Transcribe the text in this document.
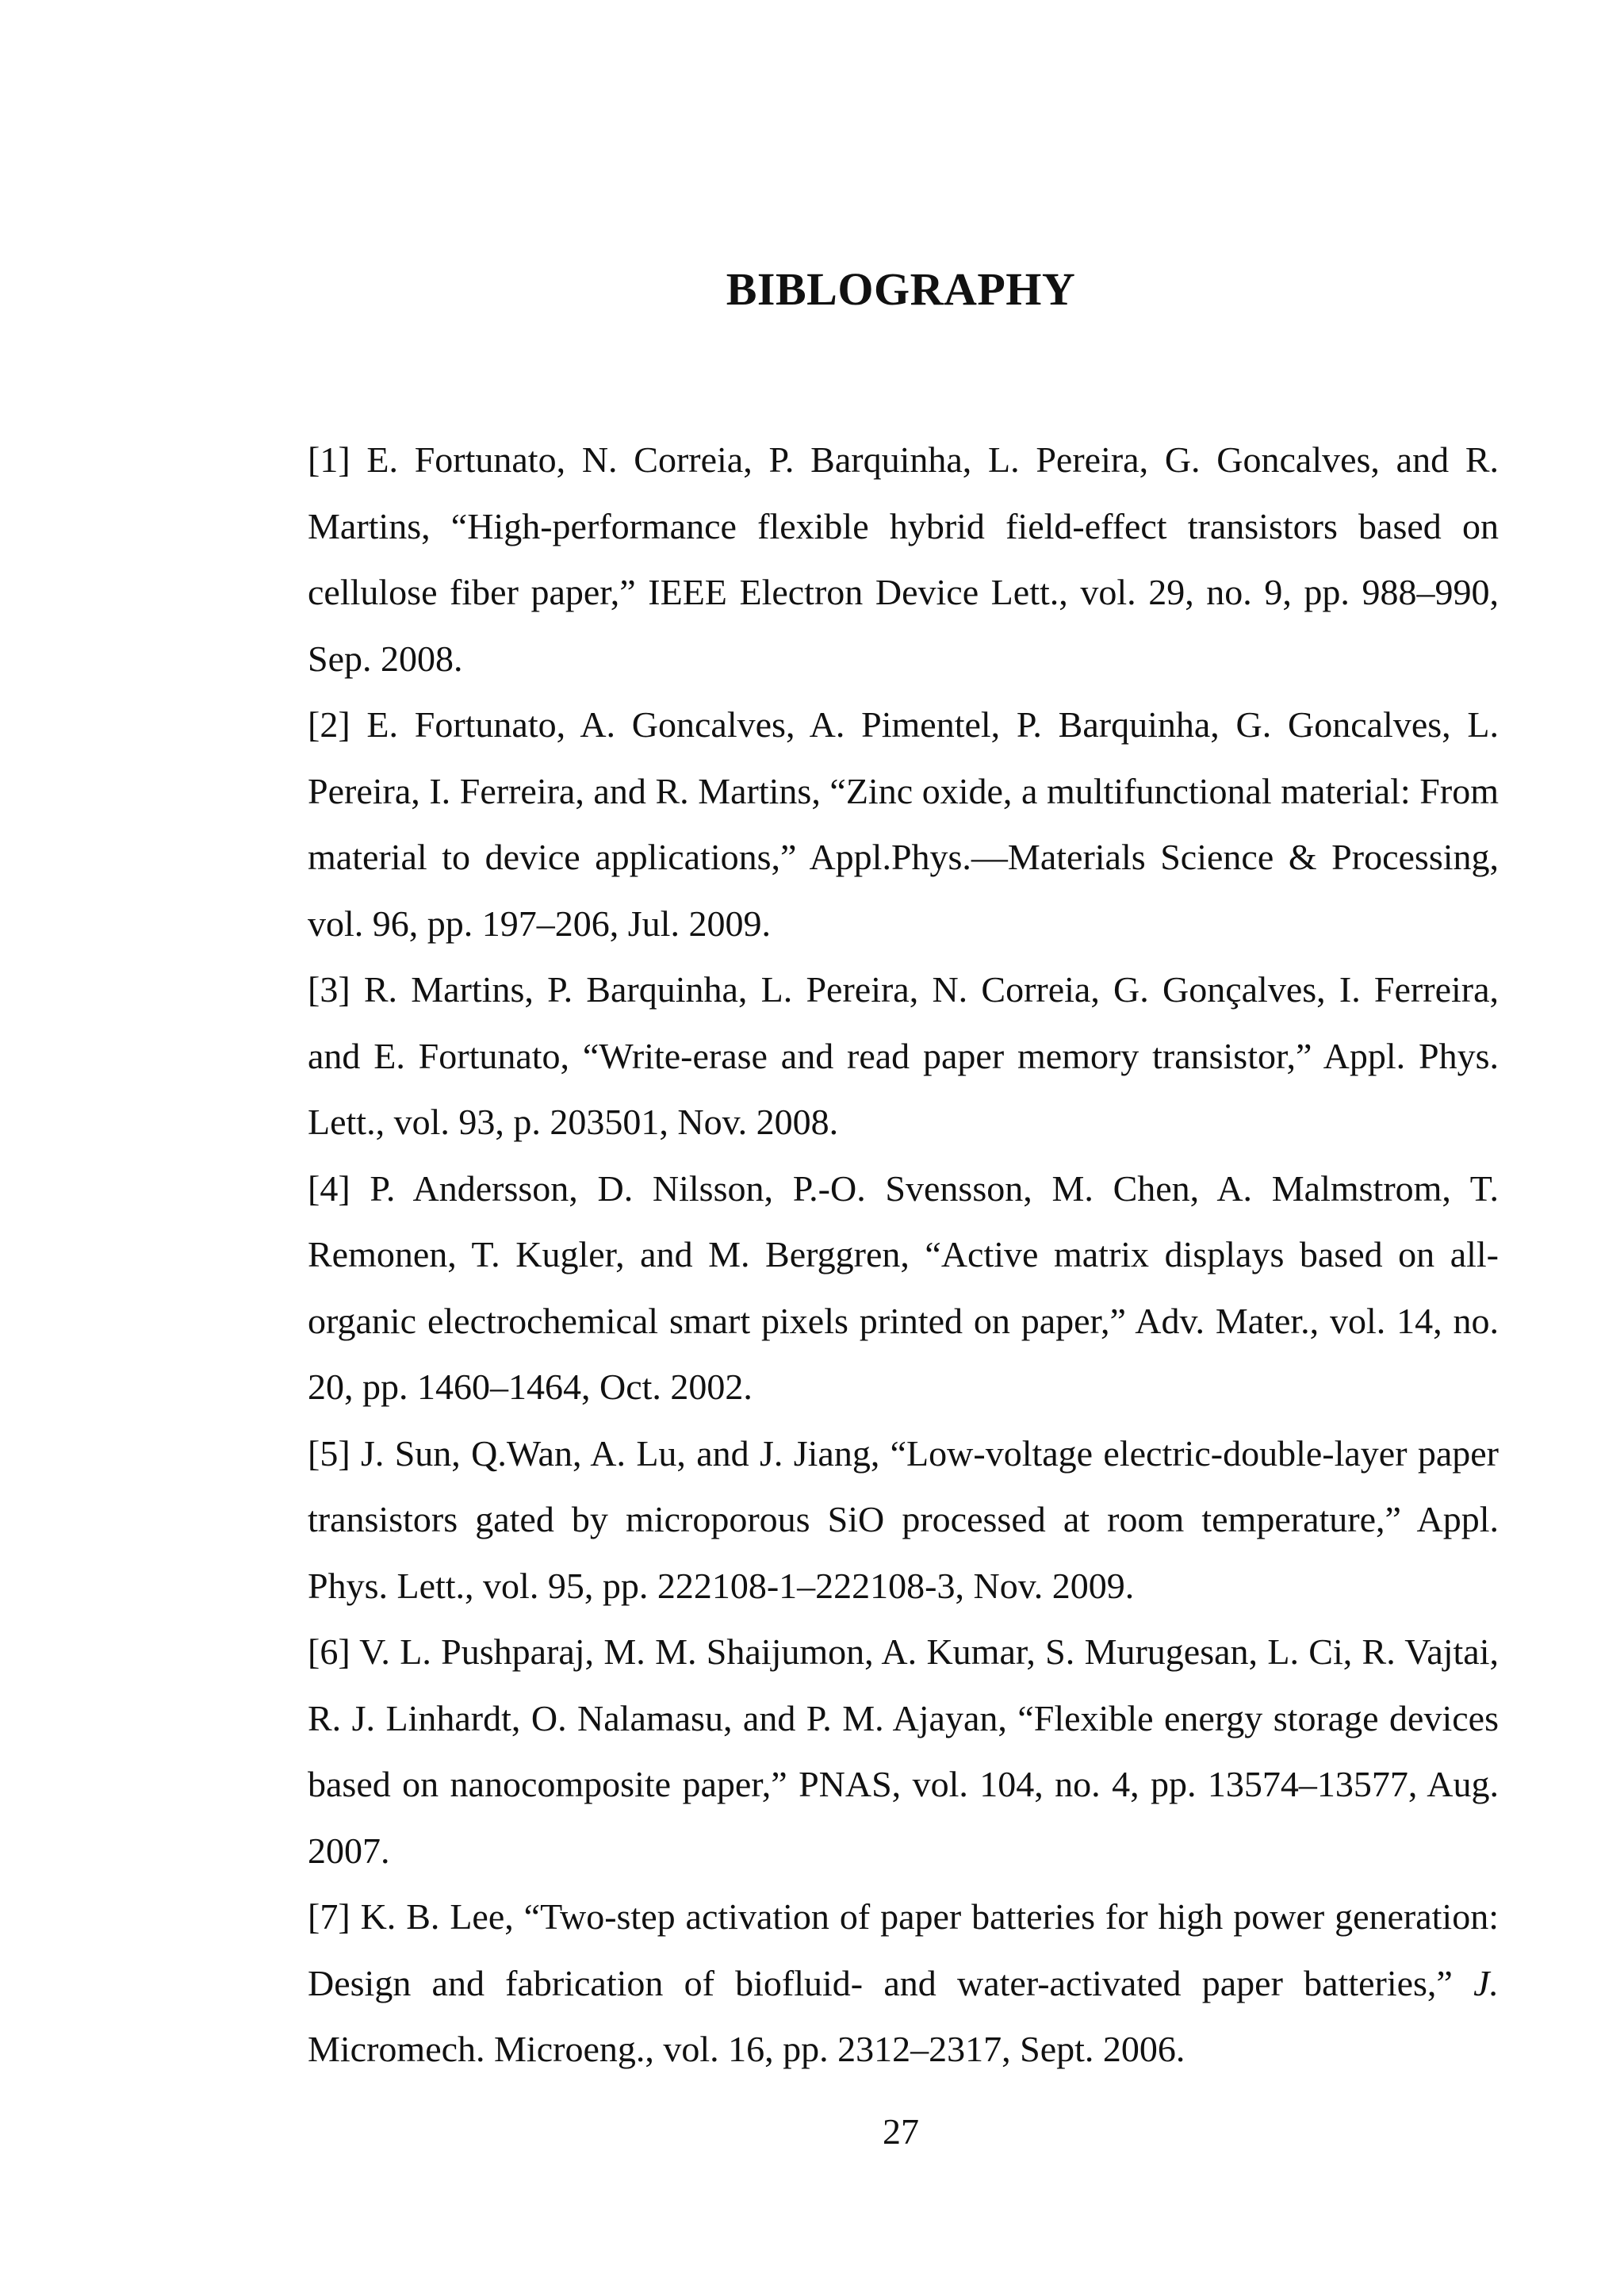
BIBLOGRAPHY

[1] E. Fortunato, N. Correia, P. Barquinha, L. Pereira, G. Goncalves, and R. Martins, “High-performance flexible hybrid field-effect transistors based on cellulose fiber paper,” IEEE Electron Device Lett., vol. 29, no. 9, pp. 988–990, Sep. 2008.

[2] E. Fortunato, A. Goncalves, A. Pimentel, P. Barquinha, G. Goncalves, L. Pereira, I. Ferreira, and R. Martins, “Zinc oxide, a multifunctional material: From material to device applications,” Appl.Phys.—Materials Science & Processing, vol. 96, pp. 197–206, Jul. 2009.

[3] R. Martins, P. Barquinha, L. Pereira, N. Correia, G. Gonçalves, I. Ferreira, and E. Fortunato, “Write-erase and read paper memory transistor,” Appl. Phys. Lett., vol. 93, p. 203501, Nov. 2008.

[4] P. Andersson, D. Nilsson, P.-O. Svensson, M. Chen, A. Malmstrom, T. Remonen, T. Kugler, and M. Berggren, “Active matrix displays based on all-organic electrochemical smart pixels printed on paper,” Adv. Mater., vol. 14, no. 20, pp. 1460–1464, Oct. 2002.

[5] J. Sun, Q.Wan, A. Lu, and J. Jiang, “Low-voltage electric-double-layer paper transistors gated by microporous SiO processed at room temperature,” Appl. Phys. Lett., vol. 95, pp. 222108-1–222108-3, Nov. 2009.

[6] V. L. Pushparaj, M. M. Shaijumon, A. Kumar, S. Murugesan, L. Ci, R. Vajtai, R. J. Linhardt, O. Nalamasu, and P. M. Ajayan, “Flexible energy storage devices based on nanocomposite paper,” PNAS, vol. 104, no. 4, pp. 13574–13577, Aug. 2007.

[7] K. B. Lee, “Two-step activation of paper batteries for high power generation: Design and fabrication of biofluid- and water-activated paper batteries,” J. Micromech. Microeng., vol. 16, pp. 2312–2317, Sept. 2006.

27
